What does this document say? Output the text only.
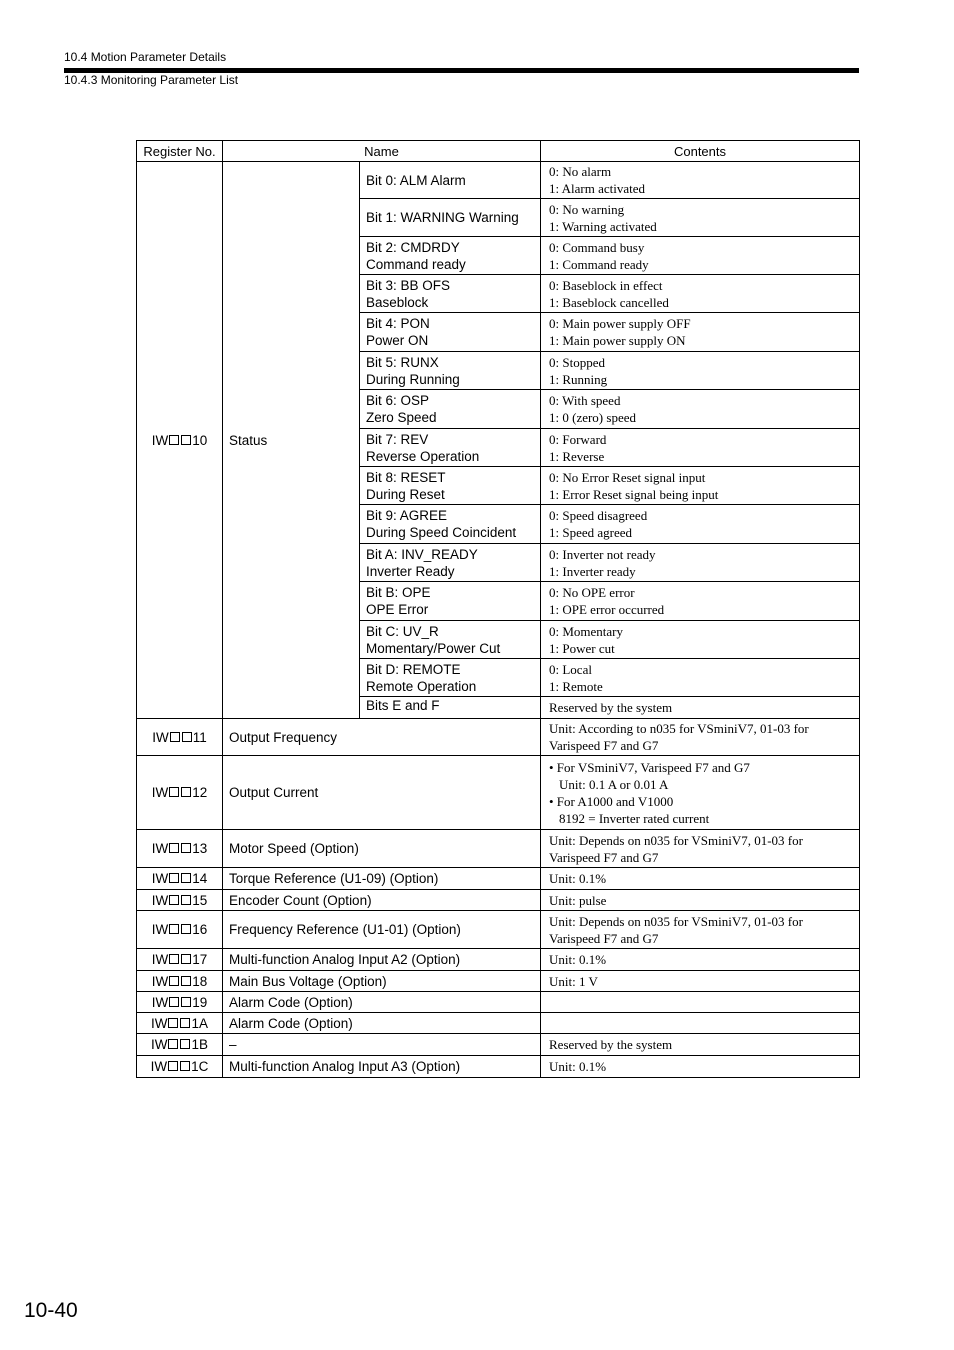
10.4 Motion Parameter Details
10.4.3 Monitoring Parameter List
Register No.	Name		Contents
IW 10	Status	Bit 0: ALM Alarm	0: No alarm
1: Alarm activated

		Bit 1: WARNING Warning	0: No warning
1: Warning activated

		Bit 2: CMDRDY
Command ready	0: Command busy
1: Command ready

		Bit 3: BB OFS
Baseblock	0: Baseblock in effect
1: Baseblock cancelled

		Bit 4: PON
Power ON	0: Main power supply OFF
1: Main power supply ON

		Bit 5: RUNX
During Running	0: Stopped
1: Running

		Bit 6: OSP
Zero Speed	0: With speed
1: 0 (zero) speed

		Bit 7: REV
Reverse Operation	0: Forward
1: Reverse

		Bit 8: RESET
During Reset	0: No Error Reset signal input
1: Error Reset signal being input

		Bit 9: AGREE
During Speed Coincident	0: Speed disagreed
1: Speed agreed

		Bit A: INV_READY
Inverter Ready	0: Inverter not ready
1: Inverter ready

		Bit B: OPE
OPE Error	0: No OPE error
1: OPE error occurred

		Bit C: UV_R
Momentary/Power Cut	0: Momentary
1: Power cut

		Bit D: REMOTE
Remote Operation	0: Local
1: Remote

		Bits E and F	Reserved by the system

IW 11	Output Frequency		Unit: According to n035 for VSminiV7, 01-03 for
Varispeed F7 and G7

IW 12	Output Current		• For VSminiV7, Varispeed F7 and G7
Unit: 0.1 A or 0.01 A
• For A1000 and V1000
8192 = Inverter rated current

IW 13	Motor Speed (Option)		Unit: Depends on n035 for VSminiV7, 01-03 for
Varispeed F7 and G7

IW 14	Torque Reference (U1-09) (Option)		Unit: 0.1%

IW 15	Encoder Count (Option)		Unit: pulse

IW 16	Frequency Reference (U1-01) (Option)		Unit: Depends on n035 for VSminiV7, 01-03 for
Varispeed F7 and G7

IW 17	Multi-function Analog Input A2 (Option)		Unit: 0.1%

IW 18	Main Bus Voltage (Option)		Unit: 1 V

IW 19	Alarm Code (Option)		
IW 1A	Alarm Code (Option)		
IW 1B	–		Reserved by the system

IW 1C	Multi-function Analog Input A3 (Option)		Unit: 0.1%
10-40
